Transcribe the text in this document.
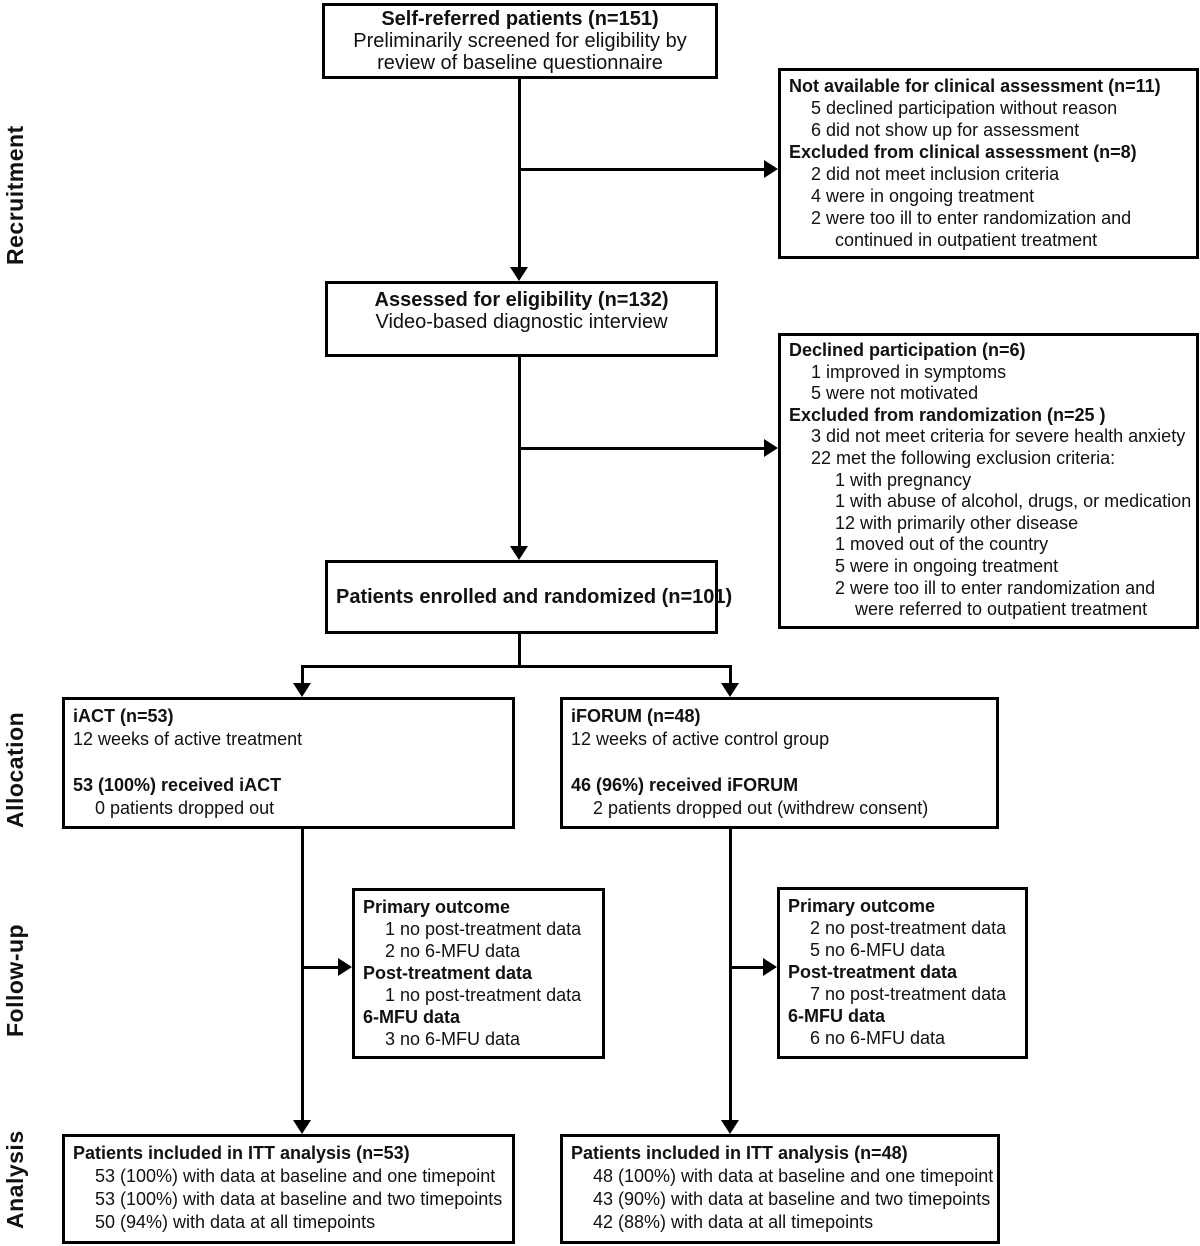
Recruitment
Allocation
Follow-up
Analysis
Self-referred patients (n=151)
Preliminarily screened for eligibility by
review of baseline questionnaire
Not available for clinical assessment (n=11)
5 declined participation without reason
6 did not show up for assessment
Excluded from clinical assessment (n=8)
2 did not meet inclusion criteria
4 were in ongoing treatment
2 were too ill to enter randomization and
continued in outpatient treatment
Assessed for eligibility (n=132)
Video-based diagnostic interview
Declined participation (n=6)
1 improved in symptoms
5 were not motivated
Excluded from randomization (n=25 )
3 did not meet criteria for severe health anxiety
22 met the following exclusion criteria:
1 with pregnancy
1 with abuse of alcohol, drugs, or medication
12 with primarily other disease
1 moved out of the country
5 were in ongoing treatment
2 were too ill to enter randomization and
were referred to outpatient treatment
Patients enrolled and randomized (n=101)
iACT (n=53)
12 weeks of active treatment
53 (100%) received iACT
0 patients dropped out
iFORUM (n=48)
12 weeks of active control group
46 (96%) received iFORUM
2 patients dropped out (withdrew consent)
Primary outcome
1 no post-treatment data
2 no 6-MFU data
Post-treatment data
1 no post-treatment data
6-MFU data
3 no 6-MFU data
Primary outcome
2 no post-treatment data
5 no 6-MFU data
Post-treatment data
7 no post-treatment data
6-MFU data
6 no 6-MFU data
Patients included in ITT analysis (n=53)
53 (100%) with data at baseline and one timepoint
53 (100%) with data at baseline and two timepoints
50 (94%) with data at all timepoints
Patients included in ITT analysis (n=48)
48 (100%) with data at baseline and one timepoint
43 (90%) with data at baseline and two timepoints
42 (88%) with data at all timepoints
